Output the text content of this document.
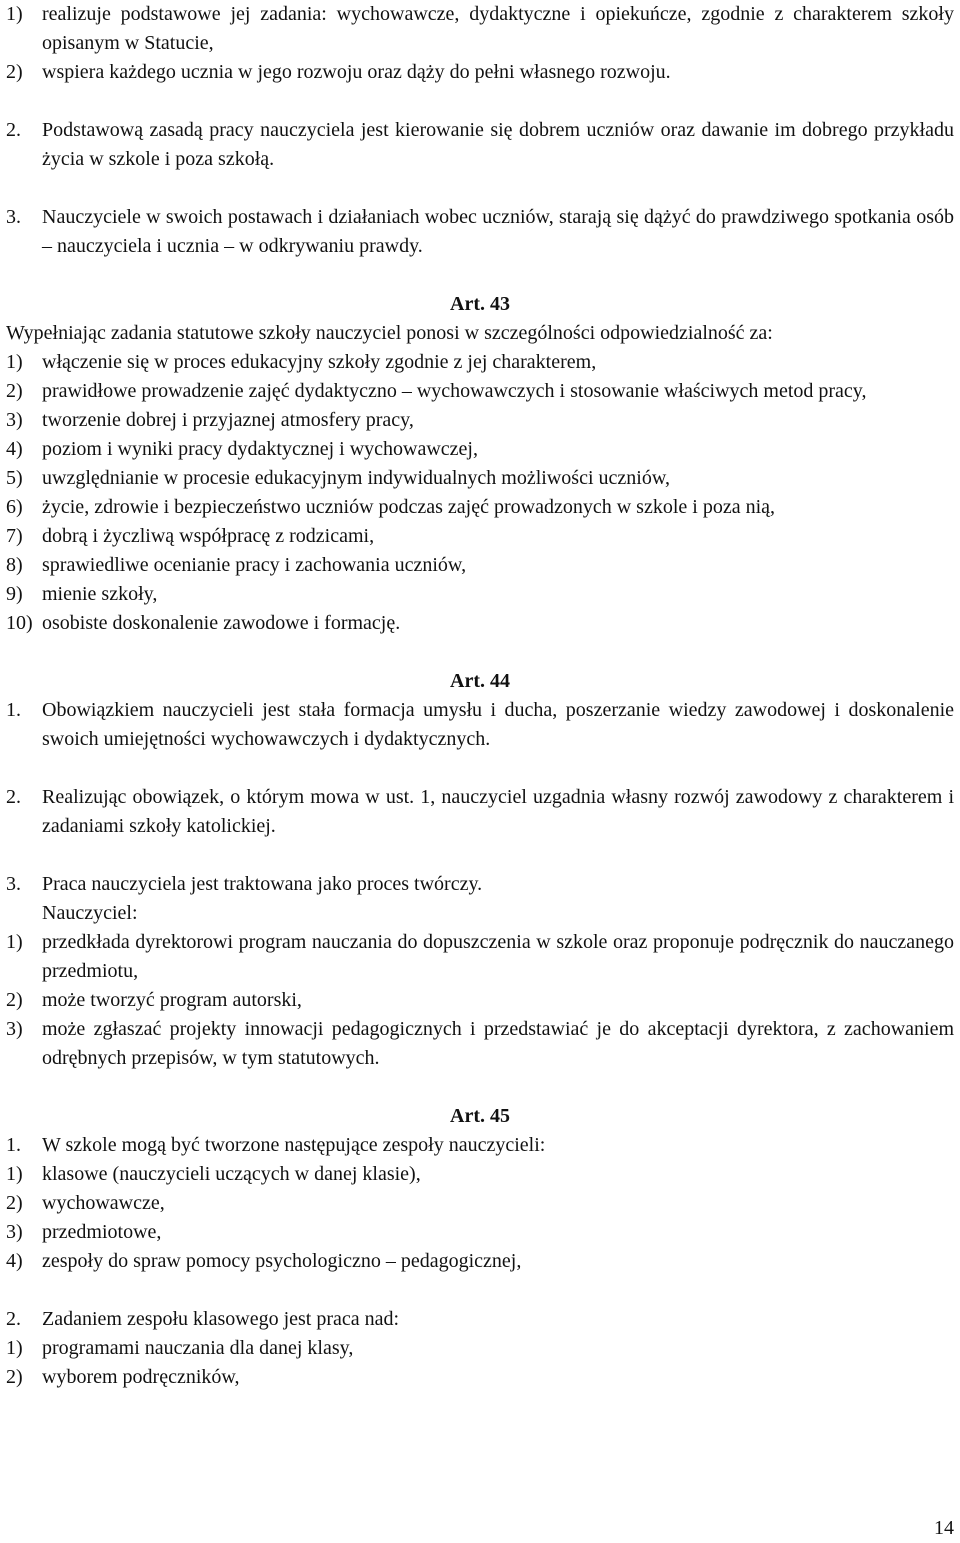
1) realizuje podstawowe jej zadania: wychowawcze, dydaktyczne i opiekuńcze, zgodnie z charakterem szkoły opisanym w Statucie,
2) wspiera każdego ucznia w jego rozwoju oraz dąży do pełni własnego rozwoju.
2.	Podstawową zasadą pracy nauczyciela jest kierowanie się dobrem uczniów oraz dawanie im dobrego przykładu życia w szkole i poza szkołą.
3.	Nauczyciele w swoich postawach i działaniach wobec uczniów, starają się dążyć do prawdziwego spotkania osób – nauczyciela i ucznia – w odkrywaniu prawdy.
Art. 43
Wypełniając zadania statutowe szkoły nauczyciel ponosi w szczególności odpowiedzialność za:
1) włączenie się w proces edukacyjny szkoły zgodnie z jej charakterem,
2) prawidłowe prowadzenie zajęć dydaktyczno – wychowawczych i stosowanie właściwych metod pracy,
3) tworzenie dobrej i przyjaznej atmosfery pracy,
4) poziom i wyniki pracy dydaktycznej i wychowawczej,
5) uwzględnianie w procesie edukacyjnym indywidualnych możliwości uczniów,
6) życie, zdrowie i bezpieczeństwo uczniów podczas zajęć prowadzonych w szkole i poza nią,
7) dobrą i życzliwą współpracę z rodzicami,
8) sprawiedliwe ocenianie pracy i zachowania uczniów,
9) mienie szkoły,
10) osobiste doskonalenie zawodowe i formację.
Art. 44
1.	Obowiązkiem nauczycieli jest stała formacja umysłu i ducha, poszerzanie wiedzy zawodowej i doskonalenie swoich umiejętności wychowawczych i dydaktycznych.
2.	Realizując obowiązek, o którym mowa w ust. 1, nauczyciel uzgadnia własny rozwój zawodowy z charakterem i zadaniami szkoły katolickiej.
3.	Praca nauczyciela jest traktowana jako proces twórczy.
Nauczyciel:
1) przedkłada dyrektorowi program nauczania do dopuszczenia w szkole oraz proponuje podręcznik do nauczanego przedmiotu,
2) może tworzyć program autorski,
3) może zgłaszać projekty innowacji pedagogicznych i przedstawiać je do akceptacji dyrektora, z zachowaniem odrębnych przepisów, w tym statutowych.
Art. 45
1.	W szkole mogą być tworzone następujące zespoły nauczycieli:
1) klasowe (nauczycieli uczących w danej klasie),
2) wychowawcze,
3) przedmiotowe,
4) zespoły do spraw pomocy psychologiczno – pedagogicznej,
2.	Zadaniem zespołu klasowego jest praca nad:
1) programami nauczania dla danej klasy,
2) wyborem podręczników,
14
